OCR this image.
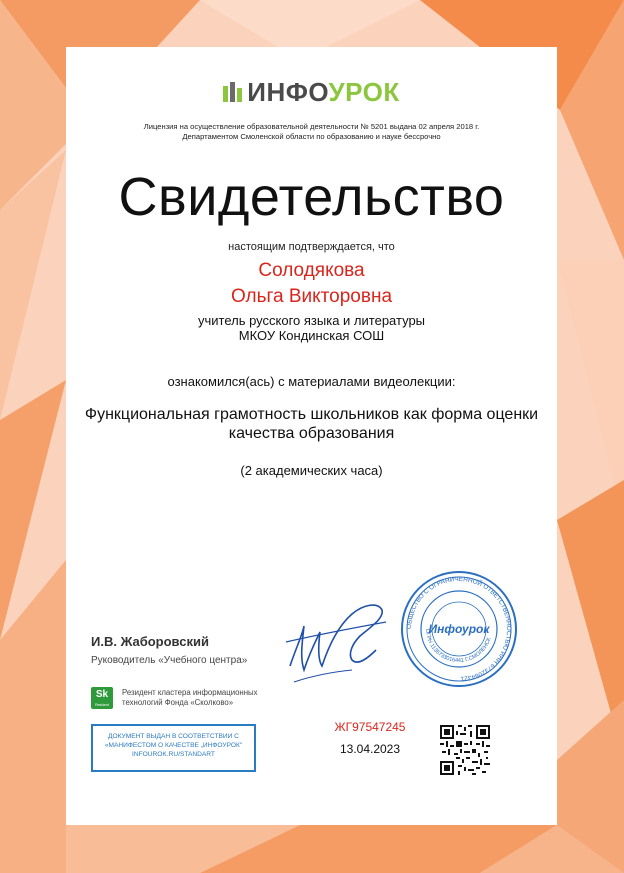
ИНФОУРОК
Лицензия на осуществление образовательной деятельности № 5201 выдана 02 апреля 2018 г.
Департаментом Смоленской области по образованию и науке бессрочно
Свидетельство
настоящим подтверждается, что
Солодякова
Ольга Викторовна
учитель русского языка и литературы
МКОУ Кондинская СОШ
ознакомился(ась) с материалами видеолекции:
Функциональная грамотность школьников как форма оценки
качества образования
(2 академических часа)
ОБЩЕСТВО С ОГРАНИЧЕННОЙ ОТВЕТСТВЕННОСТЬЮ ИНН 6732064321
ОГРН 1136733016441 Г.СМОЛЕНСК
Инфоурок
И.В. Жаборовский
Руководитель «Учебного центра»
Sk
Resident
Резидент кластера информационных
технологий Фонда «Сколково»
ДОКУМЕНТ ВЫДАН В СООТВЕТСТВИИ С
«МАНИФЕСТОМ О КАЧЕСТВЕ „ИНФОУРОК"
INFOUROK.RU/STANDART
ЖГ97547245
13.04.2023
